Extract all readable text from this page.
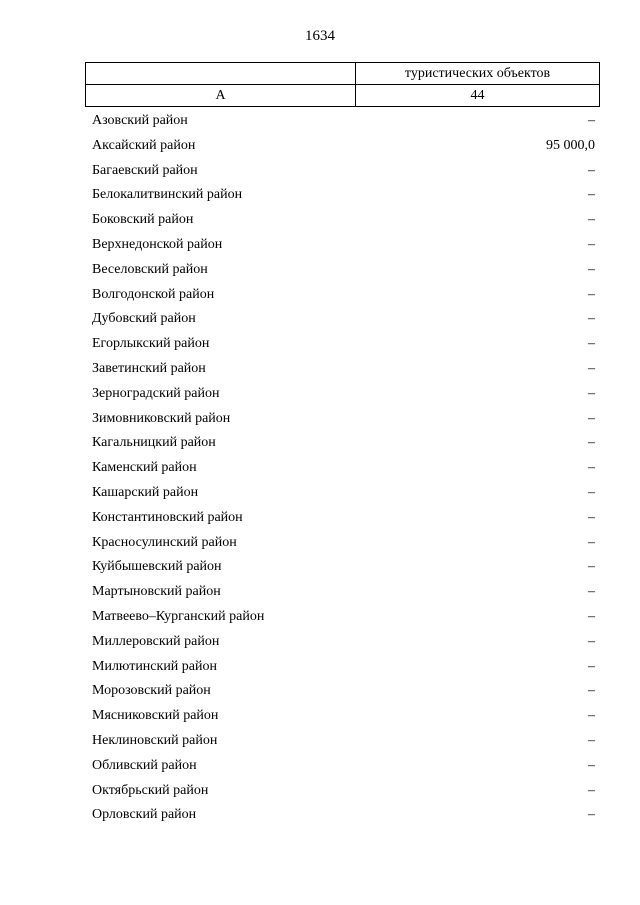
1634
	туристических объектов
А	44
Азовский район	–
Аксайский район	95 000,0
Багаевский район	–
Белокалитвинский район	–
Боковский район	–
Верхнедонской район	–
Веселовский район	–
Волгодонской район	–
Дубовский район	–
Егорлыкский район	–
Заветинский район	–
Зерноградский район	–
Зимовниковский район	–
Кагальницкий район	–
Каменский район	–
Кашарский район	–
Константиновский район	–
Красносулинский район	–
Куйбышевский район	–
Мартыновский район	–
Матвеево–Курганский район	–
Миллеровский район	–
Милютинский район	–
Морозовский район	–
Мясниковский район	–
Неклиновский район	–
Обливский район	–
Октябрьский район	–
Орловский район	–
